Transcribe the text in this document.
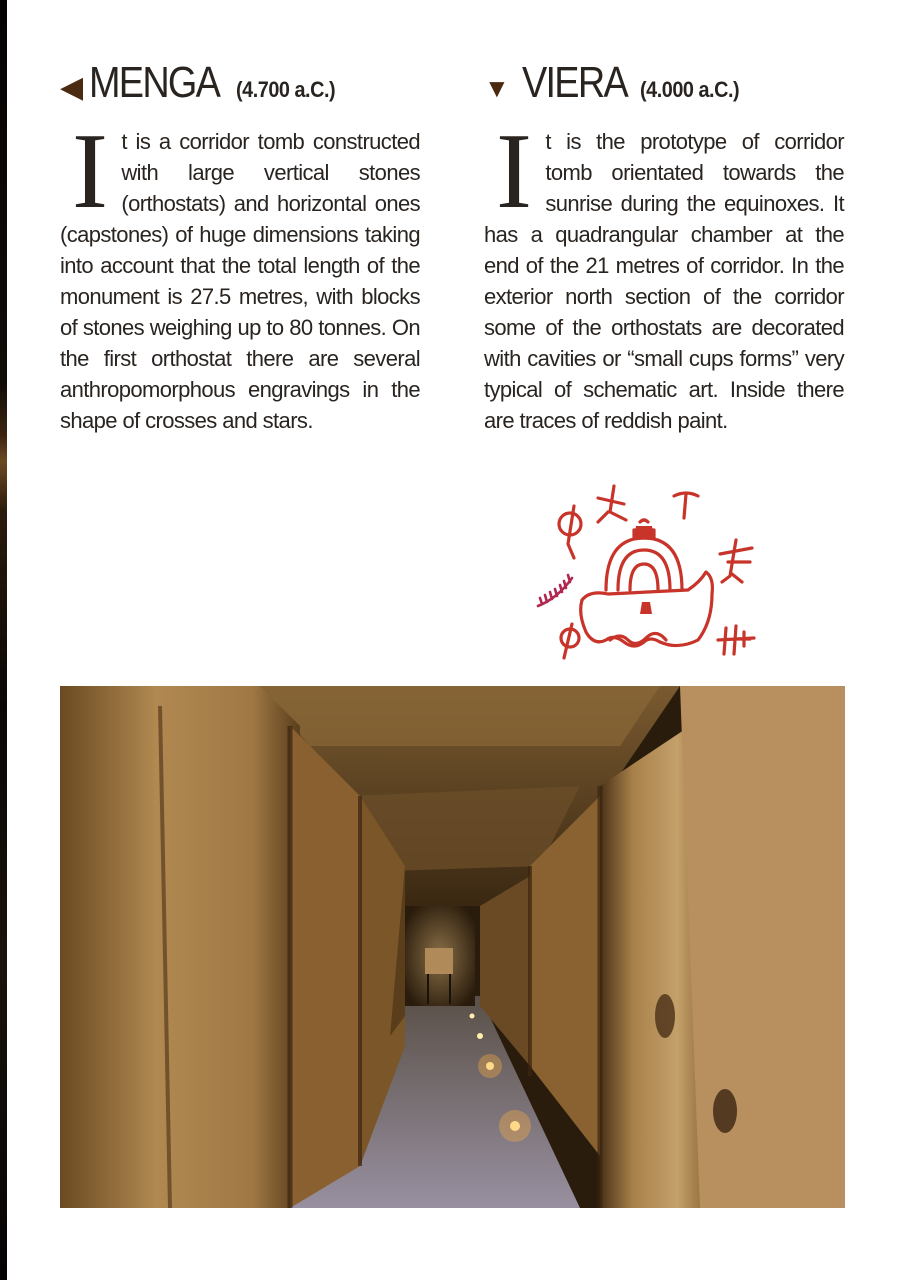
◀ MENGA (4.700 a.C.)
I t is a corridor tomb constructed with large vertical stones (orthostats) and horizontal ones (capstones) of huge dimensions taking into account that the total length of the monument is 27.5 metres, with blocks of stones weighing up to 80 tonnes. On the first orthostat there are several anthropomorphous engravings in the shape of crosses and stars.
▼ VIERA (4.000 a.C.)
I t is the prototype of corridor tomb orientated towards the sunrise during the equinoxes. It has a quadrangular chamber at the end of the 21 metres of corridor. In the exterior north section of the corridor some of the orthostats are decorated with cavities or “small cups forms” very typical of schematic art. Inside there are traces of reddish paint.
